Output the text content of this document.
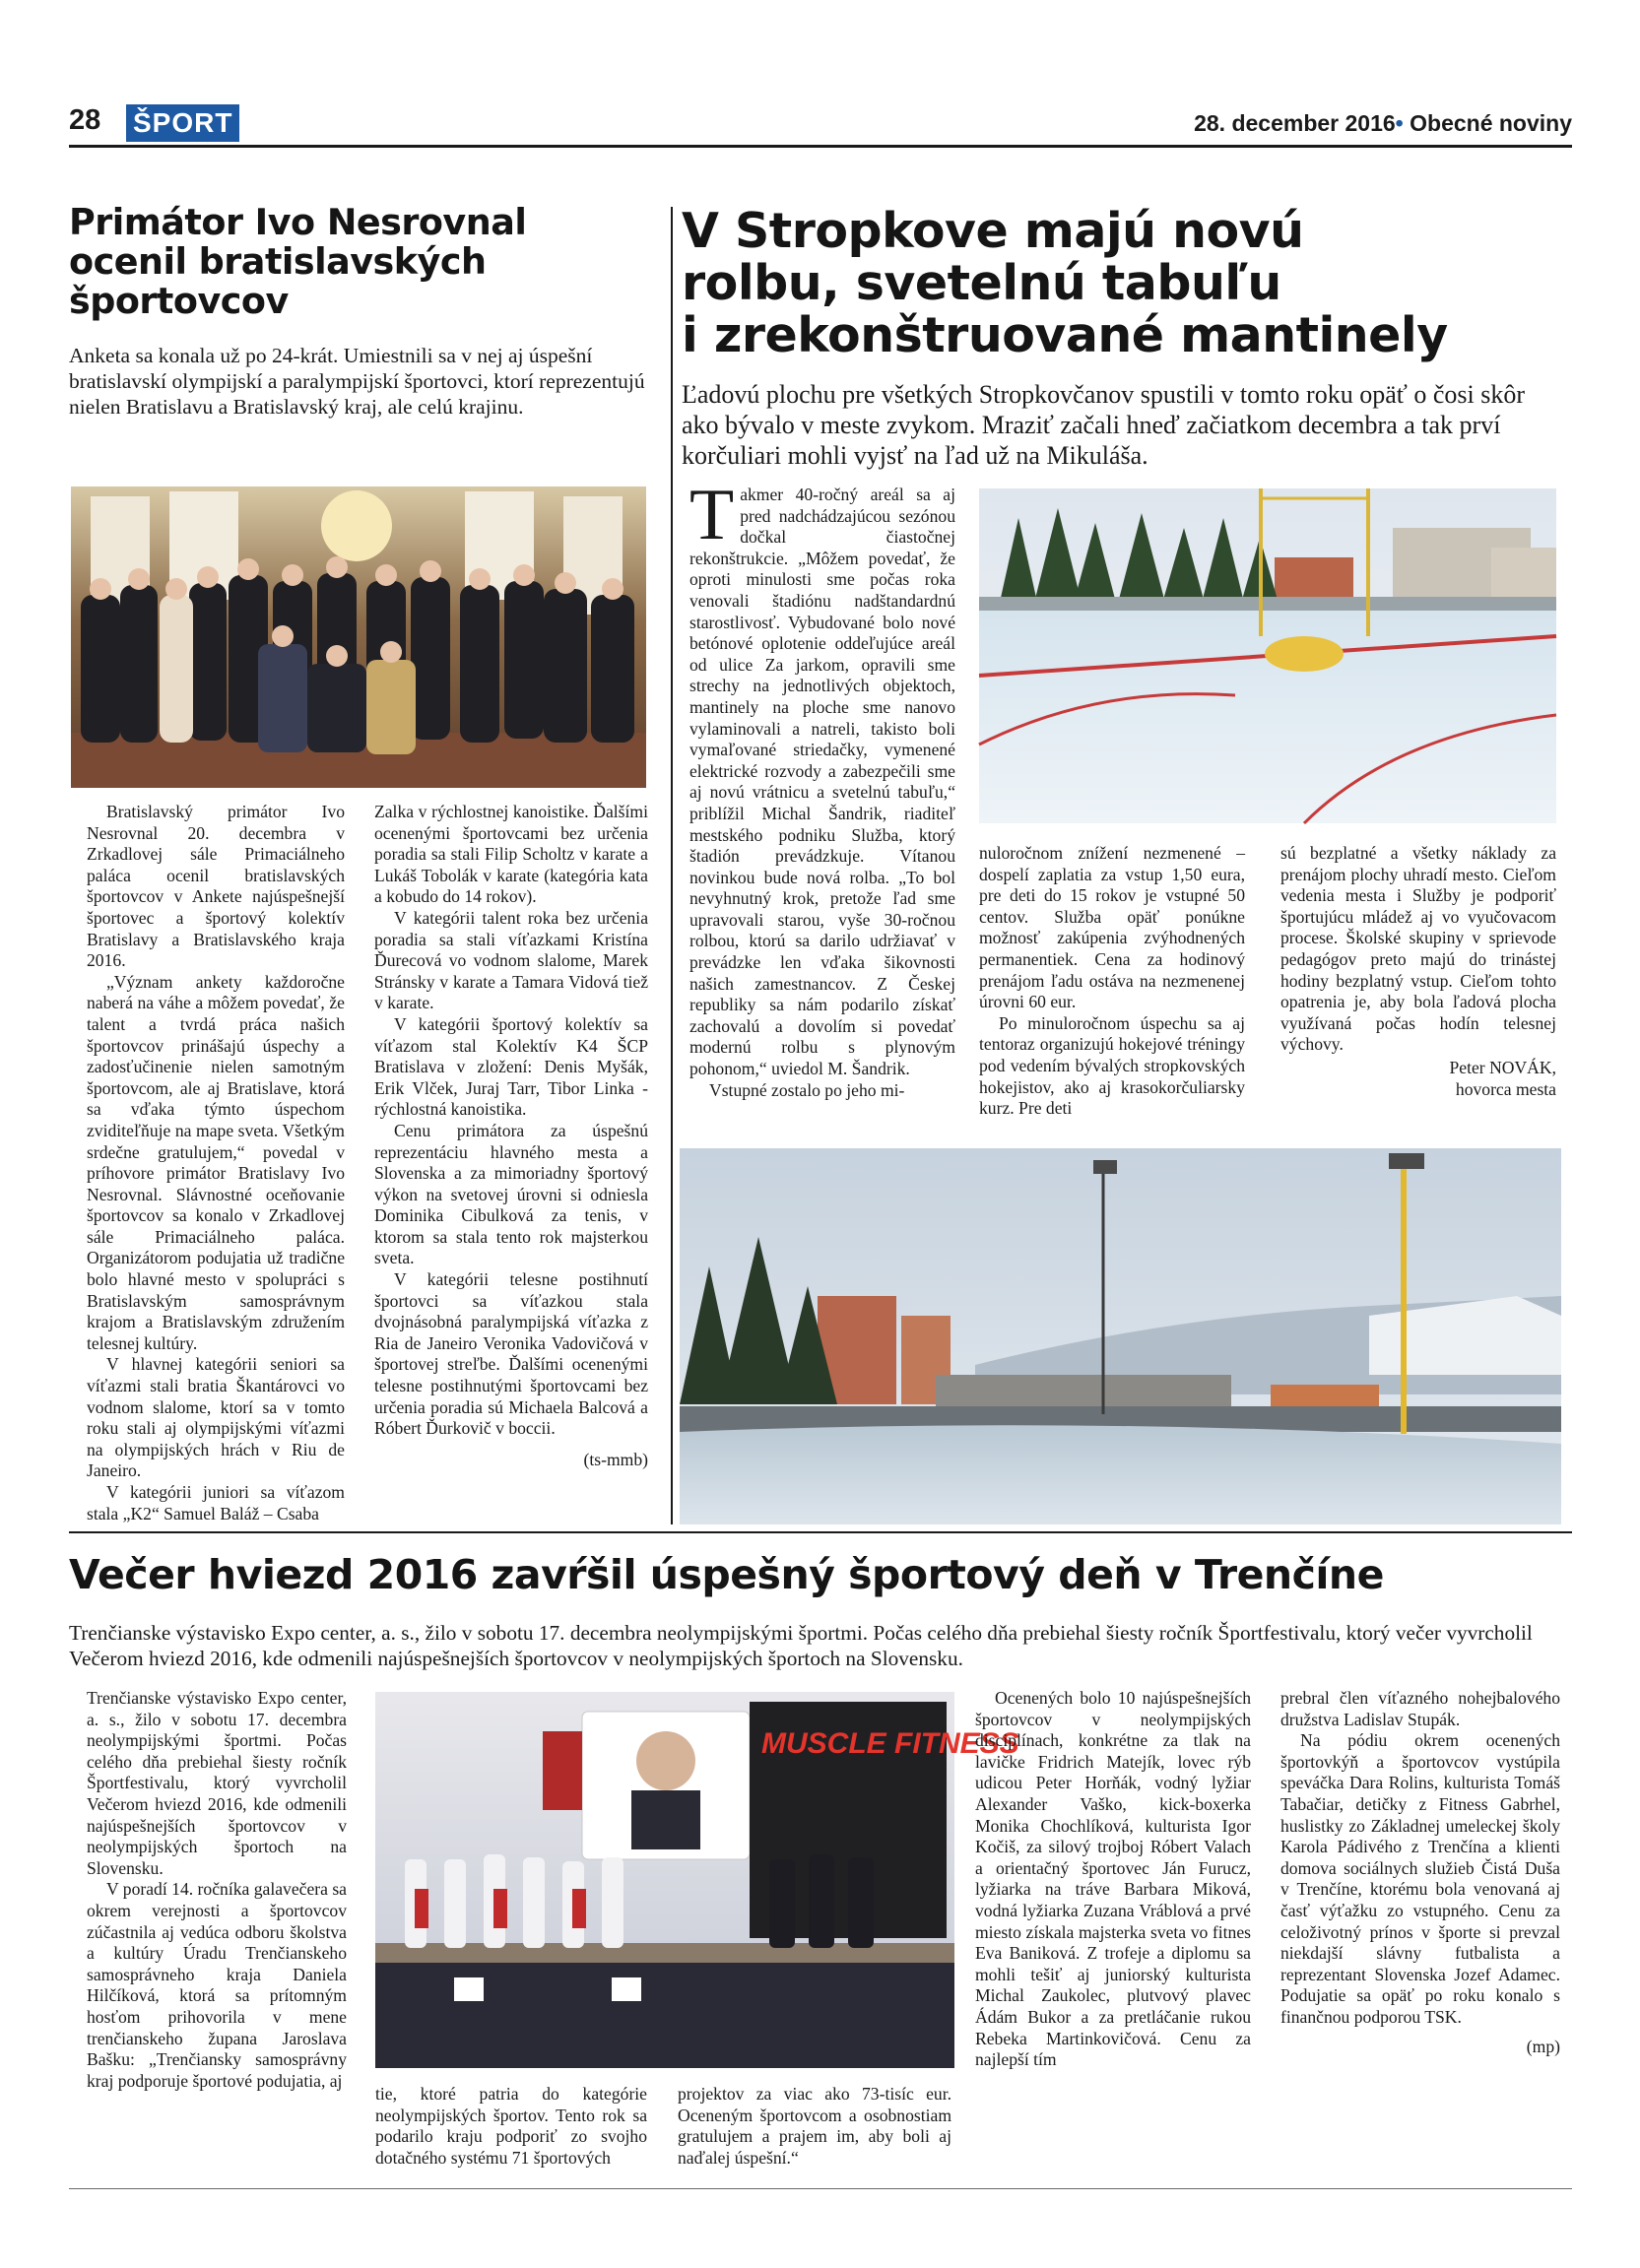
28 ŠPORT	28. december 2016• Obecné noviny
Primátor Ivo Nesrovnal
ocenil bratislavských
športovcov
Anketa sa konala už po 24-krát. Umiestnili sa v nej aj úspešní bratislavskí olympijskí a paralympijskí športovci, ktorí reprezentujú nielen Bratislavu a Bratislavský kraj, ale celú krajinu.

Bratislavský primátor Ivo Nesrovnal 20. decembra v Zrkadlovej sále Primaciálneho paláca ocenil bratislavských športovcov v Ankete najúspešnejší športovec a športový kolektív Bratislavy a Bratislavského kraja 2016.

„Význam ankety každoročne naberá na váhe a môžem povedať, že talent a tvrdá práca našich športovcov prinášajú úspechy a zadosťučinenie nielen samotným športovcom, ale aj Bratislave, ktorá sa vďaka týmto úspechom zviditeľňuje na mape sveta. Všetkým srdečne gratulujem,“ povedal v príhovore primátor Bratislavy Ivo Nesrovnal. Slávnostné oceňovanie športovcov sa konalo v Zrkadlovej sále Primaciálneho paláca. Organizátorom podujatia už tradične bolo hlavné mesto v spolupráci s Bratislavským samosprávnym krajom a Bratislavským združením telesnej kultúry.

V hlavnej kategórii seniori sa víťazmi stali bratia Škantárovci vo vodnom slalome, ktorí sa v tomto roku stali aj olympijskými víťazmi na olympijských hrách v Riu de Janeiro.

V kategórii juniori sa víťazom stala „K2“ Samuel Baláž – Csaba

Zalka v rýchlostnej kanoistike. Ďalšími ocenenými športovcami bez určenia poradia sa stali Filip Scholtz v karate a Lukáš Tobolák v karate (kategória kata a kobudo do 14 rokov).

V kategórii talent roka bez určenia poradia sa stali víťazkami Kristína Ďurecová vo vodnom slalome, Marek Stránsky v karate a Tamara Vidová tiež v karate.

V kategórii športový kolektív sa víťazom stal Kolektív K4 ŠCP Bratislava v zložení: Denis Myšák, Erik Vlček, Juraj Tarr, Tibor Linka - rýchlostná kanoistika.

Cenu primátora za úspešnú reprezentáciu hlavného mesta a Slovenska a za mimoriadny športový výkon na svetovej úrovni si odniesla Dominika Cibulková za tenis, v ktorom sa stala tento rok majsterkou sveta.

V kategórii telesne postihnutí športovci sa víťazkou stala dvojnásobná paralympijská víťazka z Ria de Janeiro Veronika Vadovičová v športovej streľbe. Ďalšími ocenenými telesne postihnutými športovcami bez určenia poradia sú Michaela Balcová a Róbert Ďurkovič v boccii.

(ts-mmb)

V Stropkove majú novú
rolbu, svetelnú tabuľu
i zrekonštruované mantinely
Ľadovú plochu pre všetkých Stropkovčanov spustili v tomto roku opäť o čosi skôr ako bývalo v meste zvykom. Mraziť začali hneď začiatkom decembra a tak prví korčuliari mohli vyjsť na ľad už na Mikuláša.

Takmer 40-ročný areál sa aj pred nadchádzajúcou sezónou dočkal čiastočnej rekonštrukcie. „Môžem povedať, že oproti minulosti sme počas roka venovali štadiónu nadštandardnú starostlivosť. Vybudované bolo nové betónové oplotenie oddeľujúce areál od ulice Za jarkom, opravili sme strechy na jednotlivých objektoch, mantinely na ploche sme nanovo vylaminovali a natreli, takisto boli vymaľované striedačky, vymenené elektrické rozvody a zabezpečili sme aj novú vrátnicu a svetelnú tabuľu,“ priblížil Michal Šandrik, riaditeľ mestského podniku Služba, ktorý štadión prevádzkuje. Vítanou novinkou bude nová rolba. „To bol nevyhnutný krok, pretože ľad sme upravovali starou, vyše 30-ročnou rolbou, ktorú sa darilo udržiavať v prevádzke len vďaka šikovnosti našich zamestnancov. Z Českej republiky sa nám podarilo získať zachovalú a dovolím si povedať modernú rolbu s plynovým pohonom,“ uviedol M. Šandrik.

Vstupné zostalo po jeho mi-

nuloročnom znížení nezmenené – dospelí zaplatia za vstup 1,50 eura, pre deti do 15 rokov je vstupné 50 centov. Služba opäť ponúkne možnosť zakúpenia zvýhodnených permanentiek. Cena za hodinový prenájom ľadu ostáva na nezmenenej úrovni 60 eur.

Po minuloročnom úspechu sa aj tentoraz organizujú hokejové tréningy pod vedením bývalých stropkovských hokejistov, ako aj krasokorčuliarsky kurz. Pre deti

sú bezplatné a všetky náklady za prenájom plochy uhradí mesto. Cieľom vedenia mesta i Služby je podporiť športujúcu mládež aj vo vyučovacom procese. Školské skupiny v sprievode pedagógov preto majú do trinástej hodiny bezplatný vstup. Cieľom tohto opatrenia je, aby bola ľadová plocha využívaná počas hodín telesnej výchovy.

Peter NOVÁK,

hovorca mesta

Večer hviezd 2016 zavŕšil úspešný športový deň v Trenčíne
Trenčianske výstavisko Expo center, a. s., žilo v sobotu 17. decembra neolympijskými športmi. Počas celého dňa prebiehal šiesty ročník Športfestivalu, ktorý večer vyvrcholil Večerom hviezd 2016, kde odmenili najúspešnejších športovcov v neolympijských športoch na Slovensku.

Trenčianske výstavisko Expo center, a. s., žilo v sobotu 17. decembra neolympijskými športmi. Počas celého dňa prebiehal šiesty ročník Športfestivalu, ktorý vyvrcholil Večerom hviezd 2016, kde odmenili najúspešnejších športovcov v neolympijských športoch na Slovensku.

V poradí 14. ročníka galavečera sa okrem verejnosti a športovcov zúčastnila aj vedúca odboru školstva a kultúry Úradu Trenčianskeho samosprávneho kraja Daniela Hilčíková, ktorá sa prítomným hosťom prihovorila v mene trenčianskeho župana Jaroslava Bašku: „Trenčiansky samosprávny kraj podporuje športové podujatia, aj

MUSCLE FITNESS

tie, ktoré patria do kategórie neolympijských športov. Tento rok sa podarilo kraju podporiť zo svojho dotačného systému 71 športových

projektov za viac ako 73-tisíc eur. Oceneným športovcom a osobnostiam gratulujem a prajem im, aby boli aj naďalej úspešní.“

Ocenených bolo 10 najúspešnejších športovcov v neolympijských disciplínach, konkrétne za tlak na lavičke Fridrich Matejík, lovec rýb udicou Peter Horňák, vodný lyžiar Alexander Vaško, kick-boxerka Monika Chochlíková, kulturista Igor Kočiš, za silový trojboj Róbert Valach a orientačný športovec Ján Furucz, lyžiarka na tráve Barbara Miková, vodná lyžiarka Zuzana Vráblová a prvé miesto získala majsterka sveta vo fitnes Eva Baniková. Z trofeje a diplomu sa mohli tešiť aj juniorský kulturista Michal Zaukolec, plutvový plavec Ádám Bukor a za pretláčanie rukou Rebeka Martinkovičová. Cenu za najlepší tím

prebral člen víťazného nohejbalového družstva Ladislav Stupák.

Na pódiu okrem ocenených športovkýň a športovcov vystúpila speváčka Dara Rolins, kulturista Tomáš Tabačiar, detičky z Fitness Gabrhel, huslistky zo Základnej umeleckej školy Karola Pádivého z Trenčína a klienti domova sociálnych služieb Čistá Duša v Trenčíne, ktorému bola venovaná aj časť výťažku zo vstupného. Cenu za celoživotný prínos v športe si prevzal niekdajší slávny futbalista a reprezentant Slovenska Jozef Adamec. Podujatie sa opäť po roku konalo s finančnou podporou TSK.

(mp)
